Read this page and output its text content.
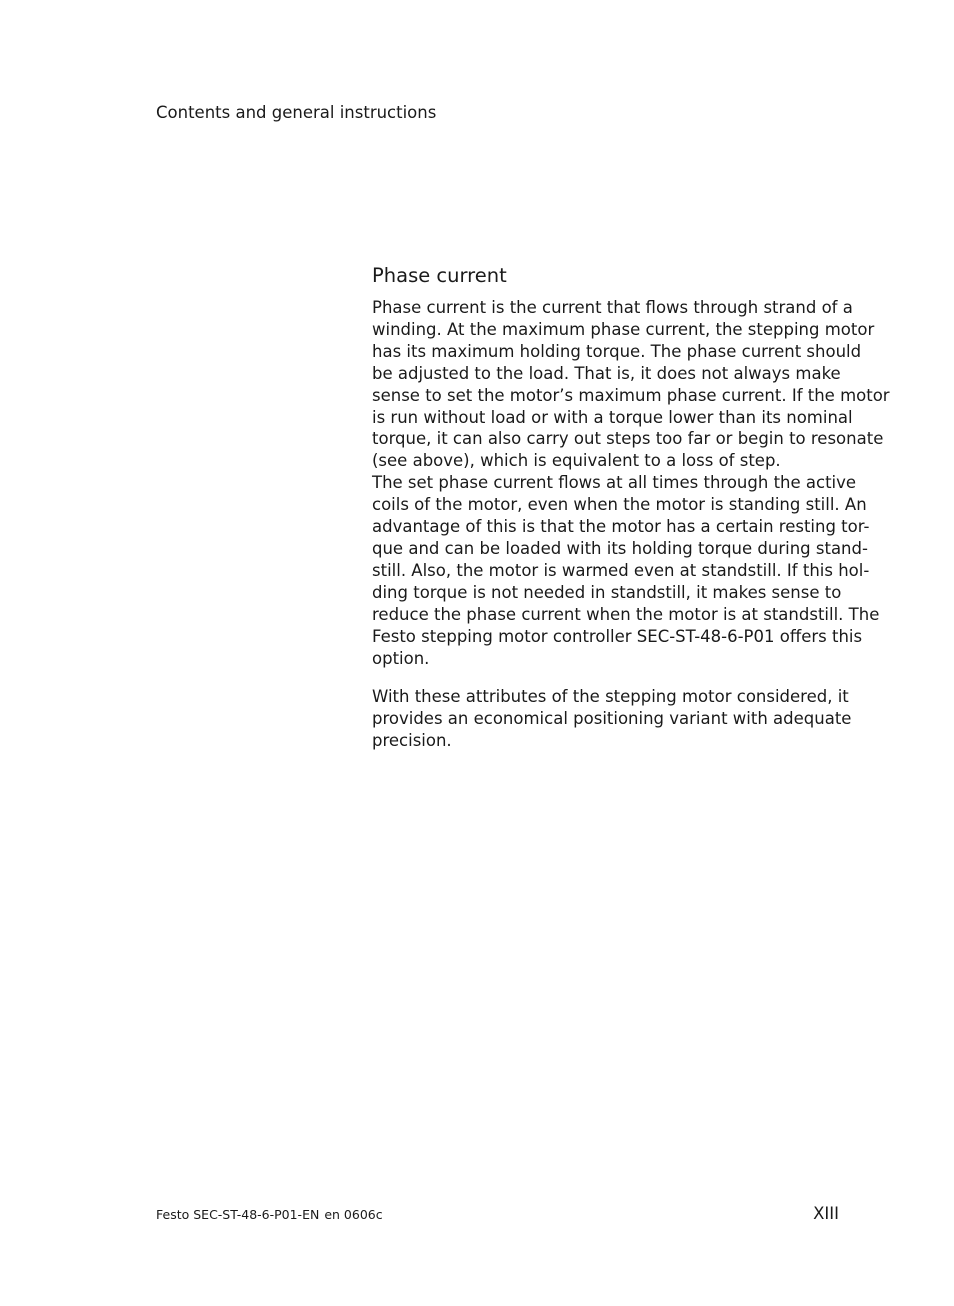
Contents and general instructions
Phase current

Phase current is the current that flows through strand of a
winding. At the maximum phase current, the stepping motor
has its maximum holding torque. The phase current should
be adjusted to the load. That is, it does not always make
sense to set the motor’s maximum phase current. If the motor
is run without load or with a torque lower than its nominal
torque, it can also carry out steps too far or begin to resonate
(see above), which is equivalent to a loss of step.

The set phase current flows at all times through the active
coils of the motor, even when the motor is standing still. An
advantage of this is that the motor has a certain resting tor-
que and can be loaded with its holding torque during stand-
still. Also, the motor is warmed even at standstill. If this hol-
ding torque is not needed in standstill, it makes sense to
reduce the phase current when the motor is at standstill. The
Festo stepping motor controller SEC-ST-48-6-P01 offers this
option.

With these attributes of the stepping motor considered, it
provides an economical positioning variant with adequate
precision.

Festo SEC-ST-48-6-P01-EN en 0606c	XIII
